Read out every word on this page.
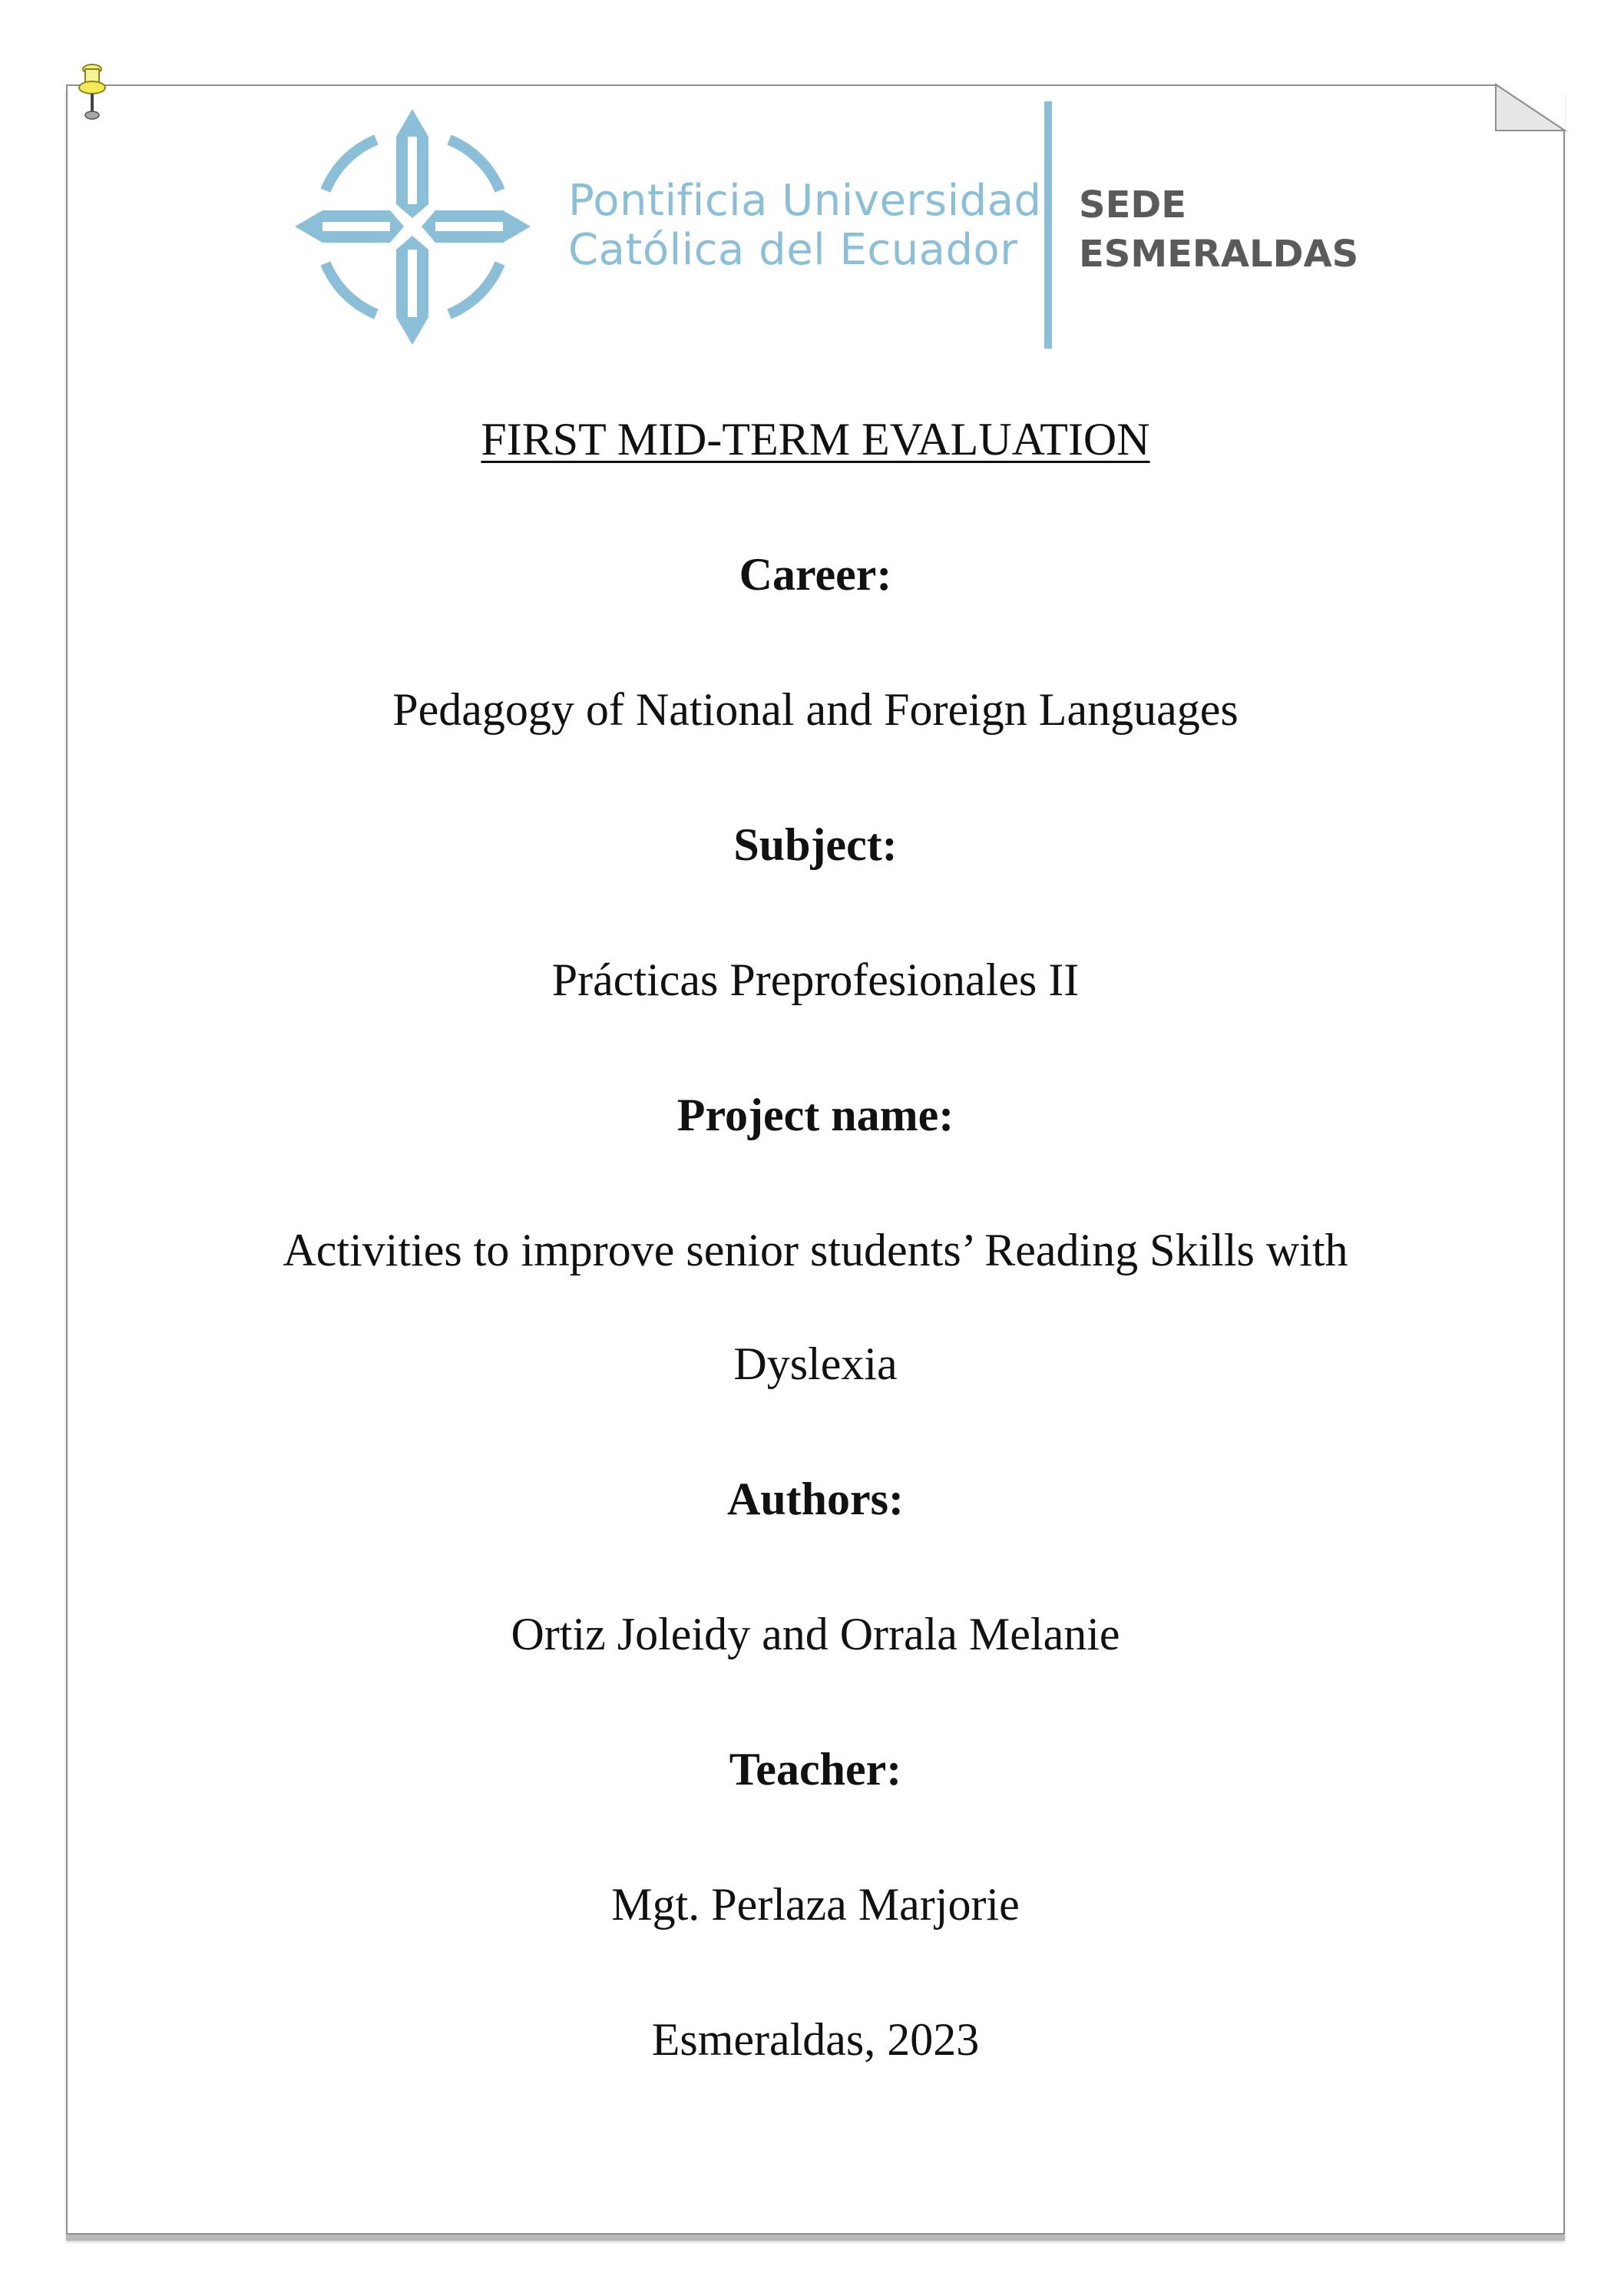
Pontificia Universidad
Católica del Ecuador
SEDE
ESMERALDAS
FIRST MID-TERM EVALUATION
Career:
Pedagogy of National and Foreign Languages
Subject:
Prácticas Preprofesionales II
Project name:
Activities to improve senior students’ Reading Skills with
Dyslexia
Authors:
Ortiz Joleidy and Orrala Melanie
Teacher:
Mgt. Perlaza Marjorie
Esmeraldas, 2023
